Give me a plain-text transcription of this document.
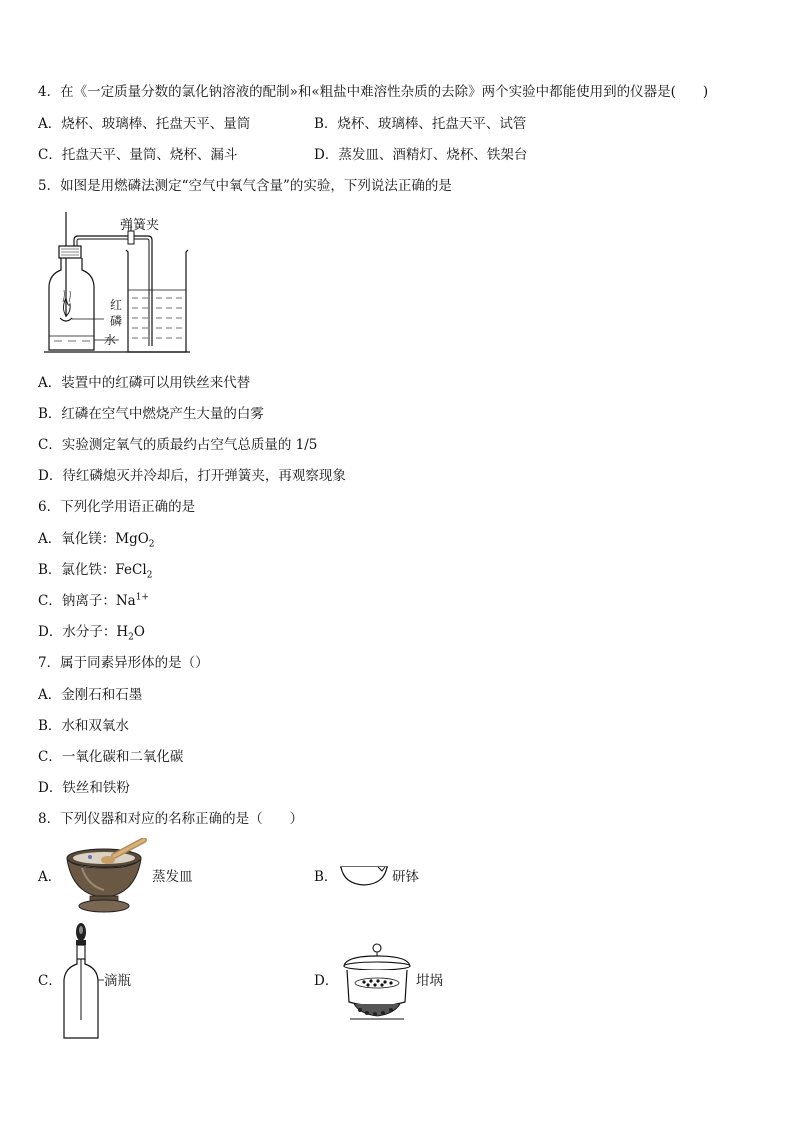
4．在《一定质量分数的氯化钠溶液的配制»和«粗盐中难溶性杂质的去除》两个实验中都能使用到的仪器是(　　)
A．烧杯、玻璃棒、托盘天平、量筒	B．烧杯、玻璃棒、托盘天平、试管
C．托盘天平、量筒、烧杯、漏斗	D．蒸发皿、酒精灯、烧杯、铁架台
5．如图是用燃磷法测定“空气中氧气含量”的实验，下列说法正确的是
弹簧夹
红
磷
水
A．装置中的红磷可以用铁丝来代替
B．红磷在空气中燃烧产生大量的白雾
C．实验测定氧气的质最约占空气总质量的 1/5
D．待红磷熄灭并冷却后，打开弹簧夹，再观察现象
6．下列化学用语正确的是
A．氧化镁：MgO$_2$
B．氯化铁：FeCl$_2$
C．钠离子：$Na^{1+}$
D．水分子：$H_2O$
7．属于同素异形体的是（）
A．金刚石和石墨
B．水和双氧水
C．一氧化碳和二氧化碳
D．铁丝和铁粉
8．下列仪器和对应的名称正确的是（　　）
A．	蒸发皿	B．	研钵
C．	滴瓶	D．	坩埚
